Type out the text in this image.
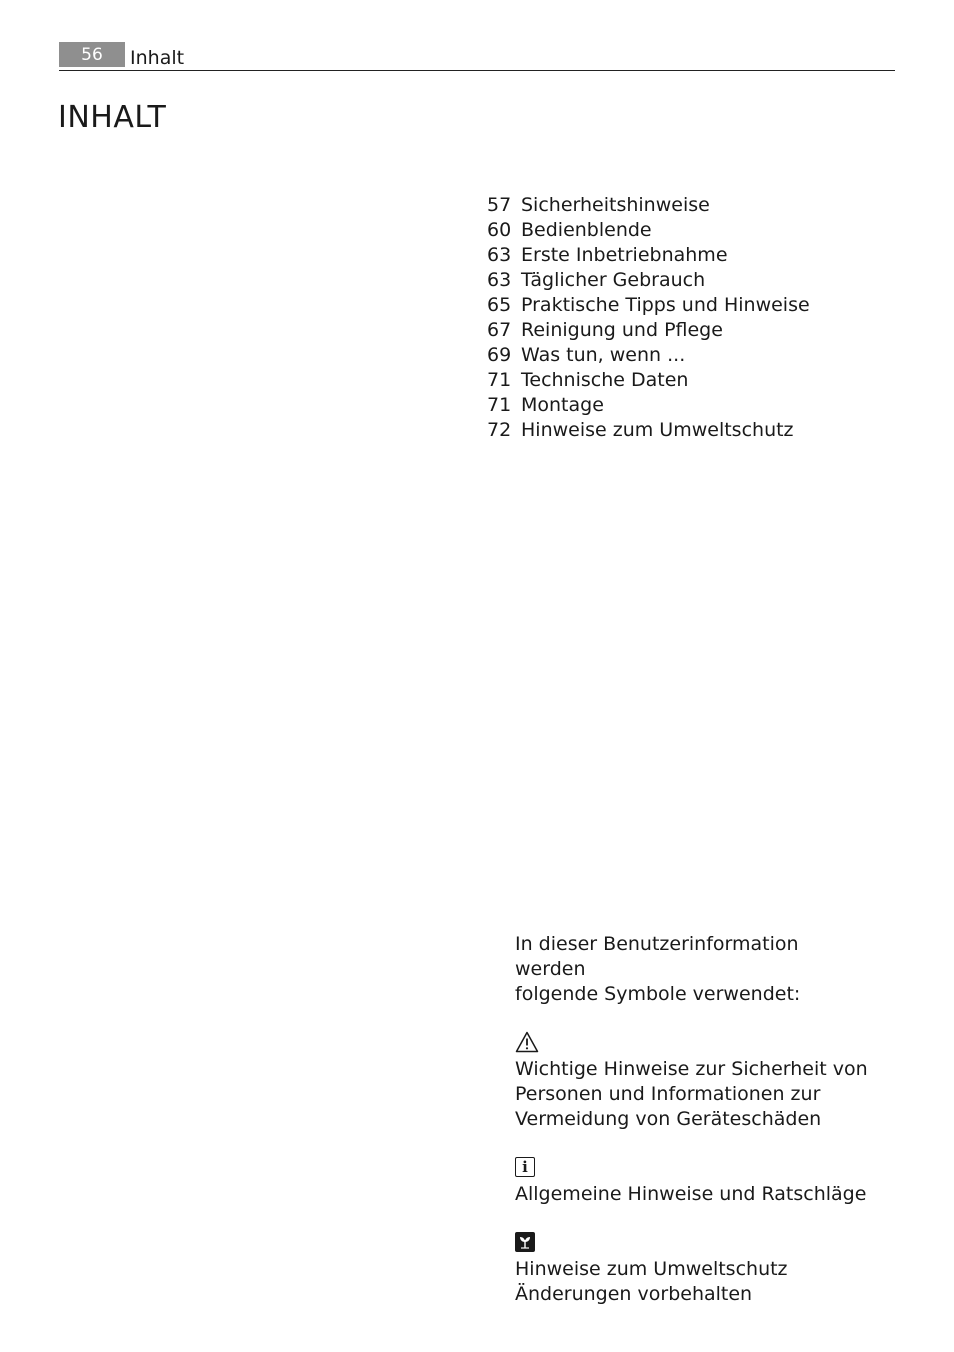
56 Inhalt
INHALT
57 Sicherheitshinweise
60 Bedienblende
63 Erste Inbetriebnahme
63 Täglicher Gebrauch
65 Praktische Tipps und Hinweise
67 Reinigung und Pflege
69 Was tun, wenn ...
71 Technische Daten
71 Montage
72 Hinweise zum Umweltschutz

In dieser Benutzerinformation werden

folgende Symbole verwendet:

Wichtige Hinweise zur Sicherheit von

Personen und Informationen zur

Vermeidung von Geräteschäden

i

Allgemeine Hinweise und Ratschläge

Hinweise zum Umweltschutz

Änderungen vorbehalten
